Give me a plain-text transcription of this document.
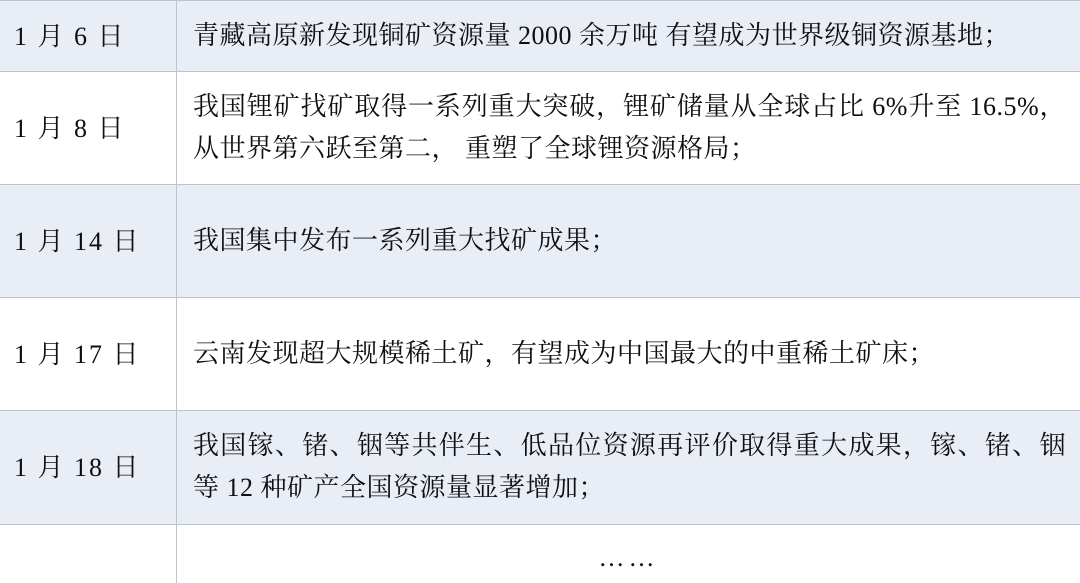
1 月 6 日	青藏高原新发现铜矿资源量 2000 余万吨 有望成为世界级铜资源基地；
1 月 8 日	我国锂矿找矿取得一系列重大突破，锂矿储量从全球占比 6%升至 16.5%，从世界第六跃至第二， 重塑了全球锂资源格局；
1 月 14 日	我国集中发布一系列重大找矿成果；
1 月 17 日	云南发现超大规模稀土矿，有望成为中国最大的中重稀土矿床；
1 月 18 日	我国镓、锗、铟等共伴生、低品位资源再评价取得重大成果，镓、锗、铟等 12 种矿产全国资源量显著增加；
	……
